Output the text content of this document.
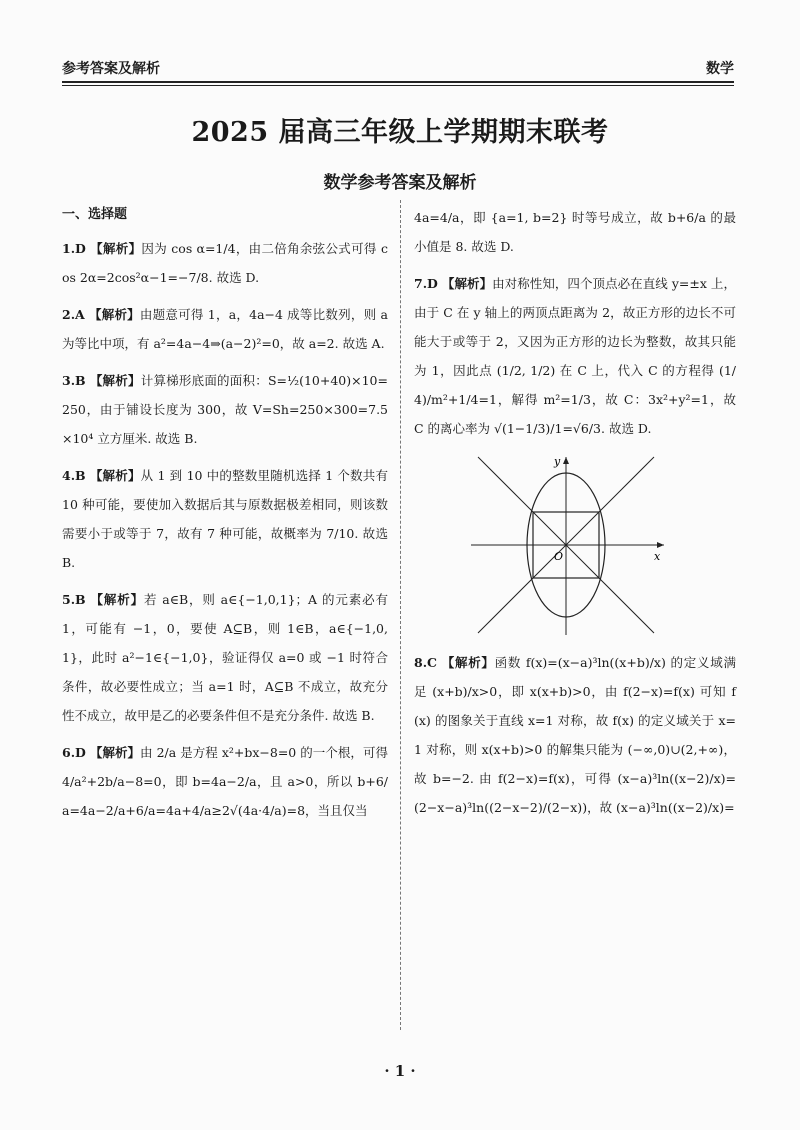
参考答案及解析	数学
2025 届高三年级上学期期末联考
数学参考答案及解析
一、选择题
1.D 【解析】因为 cos α=1/4，由二倍角余弦公式可得 cos 2α=2cos²α−1=−7/8. 故选 D.
2.A 【解析】由题意可得 1，a，4a−4 成等比数列，则 a 为等比中项，有 a²=4a−4⇒(a−2)²=0，故 a=2. 故选 A.
3.B 【解析】计算梯形底面的面积：S=½(10+40)×10=250，由于铺设长度为 300，故 V=Sh=250×300=7.5×10⁴ 立方厘米. 故选 B.
4.B 【解析】从 1 到 10 中的整数里随机选择 1 个数共有 10 种可能，要使加入数据后其与原数据极差相同，则该数需要小于或等于 7，故有 7 种可能，故概率为 7/10. 故选 B.
5.B 【解析】若 a∈B，则 a∈{−1,0,1}；A 的元素必有 1，可能有 −1，0，要使 A⊆B，则 1∈B，a∈{−1,0,1}，此时 a²−1∈{−1,0}，验证得仅 a=0 或 −1 时符合条件，故必要性成立；当 a=1 时，A⊆B 不成立，故充分性不成立，故甲是乙的必要条件但不是充分条件. 故选 B.
6.D 【解析】由 2/a 是方程 x²+bx−8=0 的一个根，可得 4/a²+2b/a−8=0，即 b=4a−2/a，且 a>0，所以 b+6/a=4a−2/a+6/a=4a+4/a≥2√(4a·4/a)=8，当且仅当
4a=4/a，即 {a=1, b=2} 时等号成立，故 b+6/a 的最小值是 8. 故选 D.
7.D 【解析】由对称性知，四个顶点必在直线 y=±x 上，由于 C 在 y 轴上的两顶点距离为 2，故正方形的边长不可能大于或等于 2，又因为正方形的边长为整数，故其只能为 1，因此点 (1/2, 1/2) 在 C 上，代入 C 的方程得 (1/4)/m²+1/4=1，解得 m²=1/3，故 C：3x²+y²=1，故 C 的离心率为 √(1−1/3)/1=√6/3. 故选 D.
x
y
O
8.C 【解析】函数 f(x)=(x−a)³ln((x+b)/x) 的定义域满足 (x+b)/x>0，即 x(x+b)>0，由 f(2−x)=f(x) 可知 f(x) 的图象关于直线 x=1 对称，故 f(x) 的定义域关于 x=1 对称，则 x(x+b)>0 的解集只能为 (−∞,0)∪(2,+∞)，故 b=−2. 由 f(2−x)=f(x)，可得 (x−a)³ln((x−2)/x)=(2−x−a)³ln((2−x−2)/(2−x))，故 (x−a)³ln((x−2)/x)=
· 1 ·
